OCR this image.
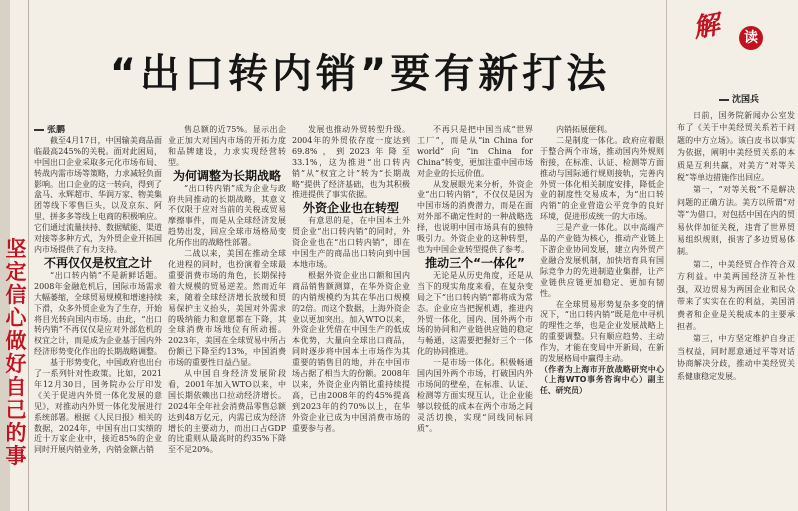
坚定信心做好自己的事
“出口转内销”要有新打法

张鹏

截至4月17日，中国输美商品面临最高245%的关税。面对此困局，中国出口企业采取多元化市场布局、转战内需市场等策略，力求减轻负面影响。出口企业的这一转向，得到了盒马、永辉超市、华润万家、物美集团等线下零售巨头，以及京东、阿里、拼多多等线上电商的积极响应。它们通过流量扶持、数据赋能、渠道对接等多种方式，为外贸企业开拓国内市场提供了有力支持。

不再仅仅是权宜之计

“出口转内销”不是新鲜话题。2008年金融危机后，国际市场需求大幅萎缩，全球贸易规模和增速持续下滑，众多外贸企业为了生存，开始将目光转向国内市场。由此，“出口转内销”不再仅仅是应对外部危机的权宜之计，而是成为企业基于国内外经济形势变化作出的长期战略调整。

基于形势变化，中国政府也出台了一系列针对性政策。比如，2021年12月30日，国务院办公厅印发《关于促进内外贸一体化发展的意见》，对推动内外贸一体化发展进行系统部署。根据《人民日报》相关的数据，2024年，中国有出口实绩的近十万家企业中，接近85%的企业同时开展内销业务，内销金额占销

售总额的近75%。显示出企业正加大对国内市场的开拓力度和品牌建设，力求实现经营转型。

为何调整为长期战略

“出口转内销”成为企业与政府共同推动的长期战略，其意义不仅限于应对当前的关税或贸易摩擦事件，而是从全球经济发展趋势出发，回应全球市场格局变化所作出的战略性部署。

二战以来，美国在推动全球化进程的同时，也扮演着全球最重要消费市场的角色，长期保持着大规模的贸易逆差。然而近年来，随着全球经济增长放缓和贸易保护主义抬头，美国对外需求的吸纳能力和意愿都在下降，其全球消费市场地位有所动摇。2023年，美国在全球贸易中所占份额已下降至约13%，中国消费市场的重要性日益凸显。

从中国自身经济发展阶段看，2001年加入WTO以来，中国长期依赖出口拉动经济增长。2024年全年社会消费品零售总额达到48万亿元，内需已成为经济增长的主要动力，而出口占GDP的比重则从最高时的约35%下降至不足20%。

发展也推动外贸转型升级。2004年的外贸依存度一度达到69.8%，到2023年降至33.1%，这为推进“出口转内销”从“权宜之计”转为“长期战略”提供了经济基础，也为其积极推进提供了事实依据。

外资企业也在转型

有意思的是，在中国本土外贸企业“出口转内销”的同时，外资企业也在“出口转内销”，即在中国生产的商品出口转向到中国本地市场。

根据外资企业出口额和国内商品销售额测算，在华外资企业的内销规模约为其在华出口规模的2倍。而这个数据，上海外资企业以更加突出。加入WTO以来，外资企业凭借在中国生产的低成本优势，大量向全球出口商品，同时逐步将中国本土市场作为其重要的销售目的地，并在中国市场占据了相当大的份额。2008年以来，外资企业内销比重持续提高，已由2008年的约45%提高到2023年的约70%以上，在华外资企业已成为中国消费市场的重要参与者。

不再只是把中国当成“世界工厂”，而是从“in China for world”向“in China for China”转变，更加注重中国市场对企业的长远价值。

从发展眼光来分析，外资企业“出口转内销”，不仅仅是因为中国市场的消费潜力，而是在面对外部不确定性时的一种战略选择，也说明中国市场具有的独特吸引力。外资企业的这种转型，也为中国企业转型提供了参考。

推动三个“一体化”

无论是从历史角度，还是从当下的现实角度来看，在复杂变局之下“出口转内销”都将成为常态。企业应当把握机遇，推进内外贸一体化，国内、国外两个市场的协同和产业链供应链的稳定与畅通，这需要把握好三个一体化的协同推进。

一是市场一体化。积极畅通国内国外两个市场，打破国内外市场间的壁垒，在标准、认证、检测等方面实现互认，让企业能够以较低的成本在两个市场之间灵活切换，实现“同线同标同质”。

内销拓展便利。

二是制度一体化。政府应着眼于整合两个市场，推动国内外规则衔接，在标准、认证、检测等方面推动与国际通行规则接轨，完善内外贸一体化相关制度安排，降低企业的制度性交易成本，为“出口转内销”的企业营造公平竞争的良好环境，促进形成统一的大市场。

三是产业一体化。以中高端产品的产业链为核心，推动产业链上下游企业协同发展，建立内外贸产业融合发展机制，加快培育具有国际竞争力的先进制造业集群，让产业链供应链更加稳定、更加有韧性。

在全球贸易形势复杂多变的情况下，“出口转内销”既是危中寻机的理性之举，也是企业发展战略上的重要调整。只有顺应趋势、主动作为，才能在变局中开新局，在新的发展格局中赢得主动。

（作者为上海市开放战略研究中心（上海WTO事务咨询中心）副主任、研究员）

解	读
沈国兵

日前，国务院新闻办公室发布了《关于中美经贸关系若干问题的中方立场》。该白皮书以事实为依据，阐明中美经贸关系的本质是互利共赢，对美方“对等关税”等单边措施作出回应。

第一，“对等关税”不是解决问题的正确方法。美方以所谓“对等”为借口，对包括中国在内的贸易伙伴加征关税，违背了世界贸易组织规则，损害了多边贸易体制。

第二，中美经贸合作符合双方利益。中美两国经济互补性强，双边贸易为两国企业和民众带来了实实在在的利益，美国消费者和企业是关税成本的主要承担者。

第三，中方坚定维护自身正当权益，同时愿意通过平等对话协商解决分歧，推动中美经贸关系健康稳定发展。
